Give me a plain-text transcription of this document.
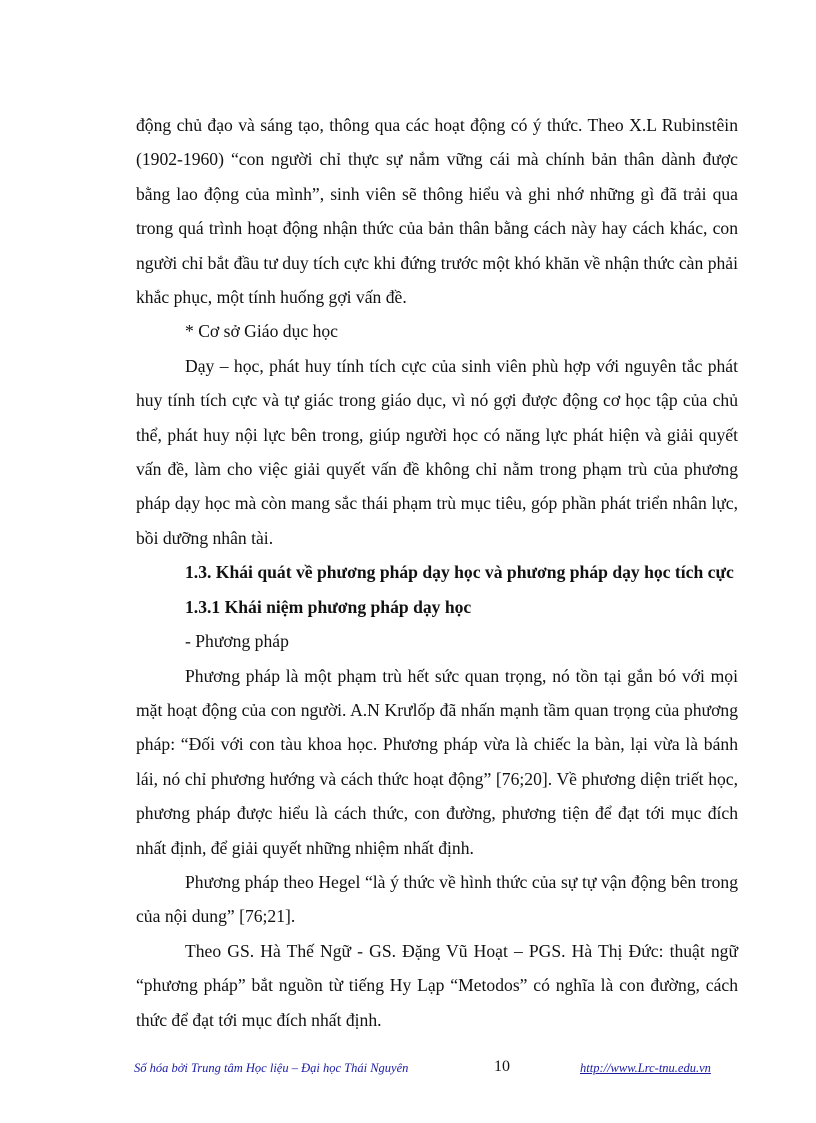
động chủ đạo và sáng tạo, thông qua các hoạt động có ý thức. Theo X.L Rubinstêin (1902-1960) “con người chỉ thực sự nắm vững cái mà chính bản thân dành được bằng lao động của mình”, sinh viên sẽ thông hiểu và ghi nhớ những gì đã trải qua trong quá trình hoạt động nhận thức của bản thân bằng cách này hay cách khác, con người chỉ bắt đầu tư duy tích cực khi đứng trước một khó khăn về nhận thức càn phải khắc phục, một tính huống gợi vấn đề.

* Cơ sở Giáo dục học

Dạy – học, phát huy tính tích cực của sinh viên phù hợp với nguyên tắc phát huy tính tích cực và tự giác trong giáo dục, vì nó gợi được động cơ học tập của chủ thể, phát huy nội lực bên trong, giúp người học có năng lực phát hiện và giải quyết vấn đề, làm cho việc giải quyết vấn đề không chỉ nằm trong phạm trù của phương pháp dạy học mà còn mang sắc thái phạm trù mục tiêu, góp phần phát triển nhân lực, bồi dưỡng nhân tài.

1.3. Khái quát về phương pháp dạy học và phương pháp dạy học tích cực

1.3.1 Khái niệm phương pháp dạy học

- Phương pháp

Phương pháp là một phạm trù hết sức quan trọng, nó tồn tại gắn bó với mọi mặt hoạt động của con người. A.N Krưlốp đã nhấn mạnh tầm quan trọng của phương pháp: “Đối với con tàu khoa học. Phương pháp vừa là chiếc la bàn, lại vừa là bánh lái, nó chỉ phương hướng và cách thức hoạt động” [76;20]. Về phương diện triết học, phương pháp được hiểu là cách thức, con đường, phương tiện để đạt tới mục đích nhất định, để giải quyết những nhiệm nhất định.

Phương pháp theo Hegel “là ý thức về hình thức của sự tự vận động bên trong của nội dung” [76;21].

Theo GS. Hà Thế Ngữ - GS. Đặng Vũ Hoạt – PGS. Hà Thị Đức: thuật ngữ “phương pháp” bắt nguồn từ tiếng Hy Lạp “Metodos” có nghĩa là con đường, cách thức để đạt tới mục đích nhất định.

Số hóa bởi Trung tâm Học liệu – Đại học Thái Nguyên	10	http://www.Lrc-tnu.edu.vn
